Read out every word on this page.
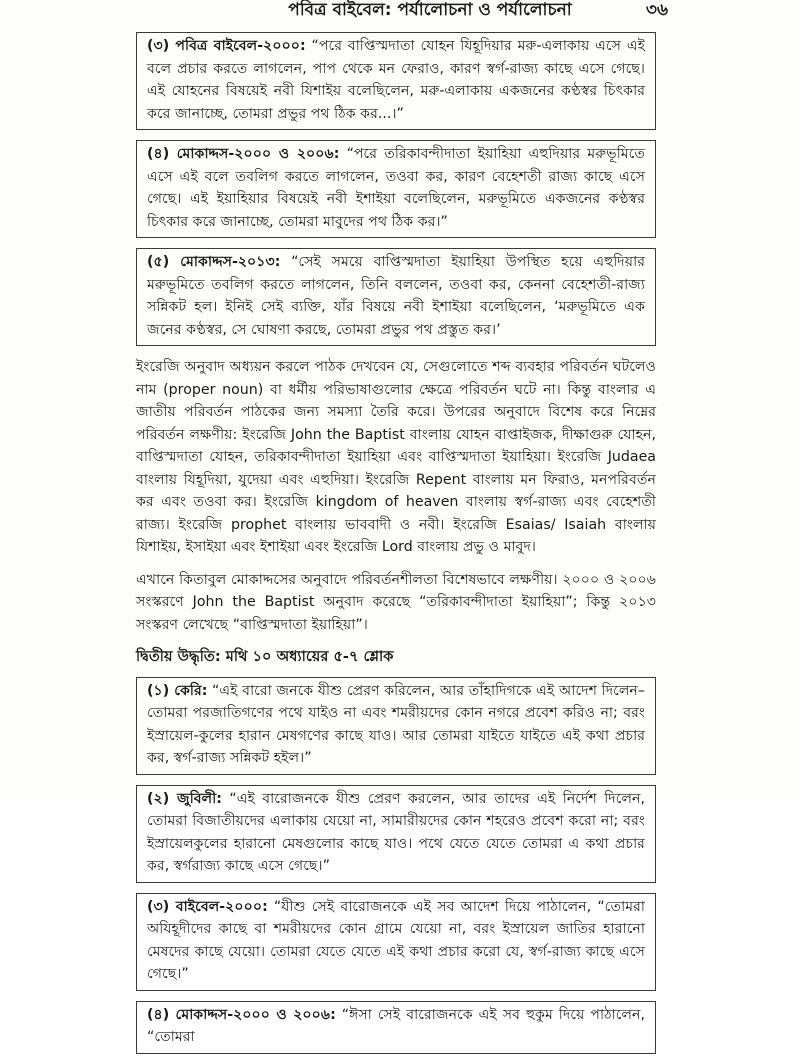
পবিত্র বাইবেল: পর্যালোচনা ও পর্যালোচনা	৩৬
(৩) পবিত্র বাইবেল-২০০০: “পরে বাপ্তিস্মদাতা যোহন যিহূদিয়ার মরু-এলাকায় এসে এই বলে প্রচার করতে লাগলেন, পাপ থেকে মন ফেরাও, কারণ স্বর্গ-রাজ্য কাছে এসে গেছে। এই যোহনের বিষয়েই নবী যিশাইয় বলেছিলেন, মরু-এলাকায় একজনের কণ্ঠস্বর চিৎকার করে জানাচ্ছে, তোমরা প্রভুর পথ ঠিক কর...।”
(৪) মোকাদ্দস-২০০০ ও ২০০৬: “পরে তরিকাবন্দীদাতা ইয়াহিয়া এহুদিয়ার মরুভূমিতে এসে এই বলে তবলিগ করতে লাগলেন, তওবা কর, কারণ বেহেশতী রাজ্য কাছে এসে গেছে। এই ইয়াহিয়ার বিষয়েই নবী ইশাইয়া বলেছিলেন, মরুভূমিতে একজনের কণ্ঠস্বর চিৎকার করে জানাচ্ছে, তোমরা মাবুদের পথ ঠিক কর।”
(৫) মোকাদ্দস-২০১৩: “সেই সময়ে বাপ্তিস্মদাতা ইয়াহিয়া উপস্থিত হয়ে এহুদিয়ার মরুভূমিতে তবলিগ করতে লাগলেন, তিনি বললেন, তওবা কর, কেননা বেহেশতী-রাজ্য সন্নিকট হল। ইনিই সেই ব্যক্তি, যাঁর বিষয়ে নবী ইশাইয়া বলেছিলেন, ‘মরুভূমিতে এক জনের কণ্ঠস্বর, সে ঘোষণা করছে, তোমরা প্রভুর পথ প্রস্তুত কর।’
ইংরেজি অনুবাদ অধ্যয়ন করলে পাঠক দেখবেন যে, সেগুলোতে শব্দ ব্যবহার পরিবর্তন ঘটলেও নাম (proper noun) বা ধর্মীয় পরিভাষাগুলোর ক্ষেত্রে পরিবর্তন ঘটে না। কিন্তু বাংলার এ জাতীয় পরিবর্তন পাঠকের জন্য সমস্যা তৈরি করে। উপরের অনুবাদে বিশেষ করে নিম্নের পরিবর্তন লক্ষণীয়: ইংরেজি John the Baptist বাংলায় যোহন বাপ্তাইজক, দীক্ষাগুরু যোহন, বাপ্তিস্মদাতা যোহন, তরিকাবন্দীদাতা ইয়াহিয়া এবং বাপ্তিস্মদাতা ইয়াহিয়া। ইংরেজি Judaea বাংলায় যিহূদিয়া, যুদেয়া এবং এহুদিয়া। ইংরেজি Repent বাংলায় মন ফিরাও, মনপরিবর্তন কর এবং তওবা কর। ইংরেজি kingdom of heaven বাংলায় স্বর্গ-রাজ্য এবং বেহেশতী রাজ্য। ইংরেজি prophet বাংলায় ভাববাদী ও নবী। ইংরেজি Esaias/ Isaiah বাংলায় যিশাইয়, ইসাইয়া এবং ইশাইয়া এবং ইংরেজি Lord বাংলায় প্রভু ও মাবুদ।
এখানে কিতাবুল মোকাদ্দসের অনুবাদে পরিবর্তনশীলতা বিশেষভাবে লক্ষণীয়। ২০০০ ও ২০০৬ সংস্করণে John the Baptist অনুবাদ করেছে “তরিকাবন্দীদাতা ইয়াহিয়া”; কিন্তু ২০১৩ সংস্করণ লেখেছে “বাপ্তিস্মদাতা ইয়াহিয়া”।
দ্বিতীয় উদ্ধৃতি: মথি ১০ অধ্যায়ের ৫-৭ শ্লোক
(১) কেরি: “এই বারো জনকে যীশু প্রেরণ করিলেন, আর তাঁহাদিগকে এই আদেশ দিলেন– তোমরা পরজাতিগণের পথে যাইও না এবং শমরীয়দের কোন নগরে প্রবেশ করিও না; বরং ইস্রায়েল-কুলের হারান মেষগণের কাছে যাও। আর তোমরা যাইতে যাইতে এই কথা প্রচার কর, স্বর্গ-রাজ্য সন্নিকট হইল।”
(২) জুবিলী: “এই বারোজনকে যীশু প্রেরণ করলেন, আর তাদের এই নির্দেশ দিলেন, তোমরা বিজাতীয়দের এলাকায় যেয়ো না, সামারীয়দের কোন শহরেও প্রবেশ করো না; বরং ইস্রায়েলকুলের হারানো মেষগুলোর কাছে যাও। পথে যেতে যেতে তোমরা এ কথা প্রচার কর, স্বর্গরাজ্য কাছে এসে গেছে।”
(৩) বাইবেল-২০০০: “যীশু সেই বারোজনকে এই সব আদেশ দিয়ে পাঠালেন, “তোমরা অযিহূদীদের কাছে বা শমরীয়দের কোন গ্রামে যেয়ো না, বরং ইস্রায়েল জাতির হারানো মেষদের কাছে যেয়ো। তোমরা যেতে যেতে এই কথা প্রচার করো যে, স্বর্গ-রাজ্য কাছে এসে গেছে।”
(৪) মোকাদ্দস-২০০০ ও ২০০৬: “ঈসা সেই বারোজনকে এই সব হুকুম দিয়ে পাঠালেন, “তোমরা
